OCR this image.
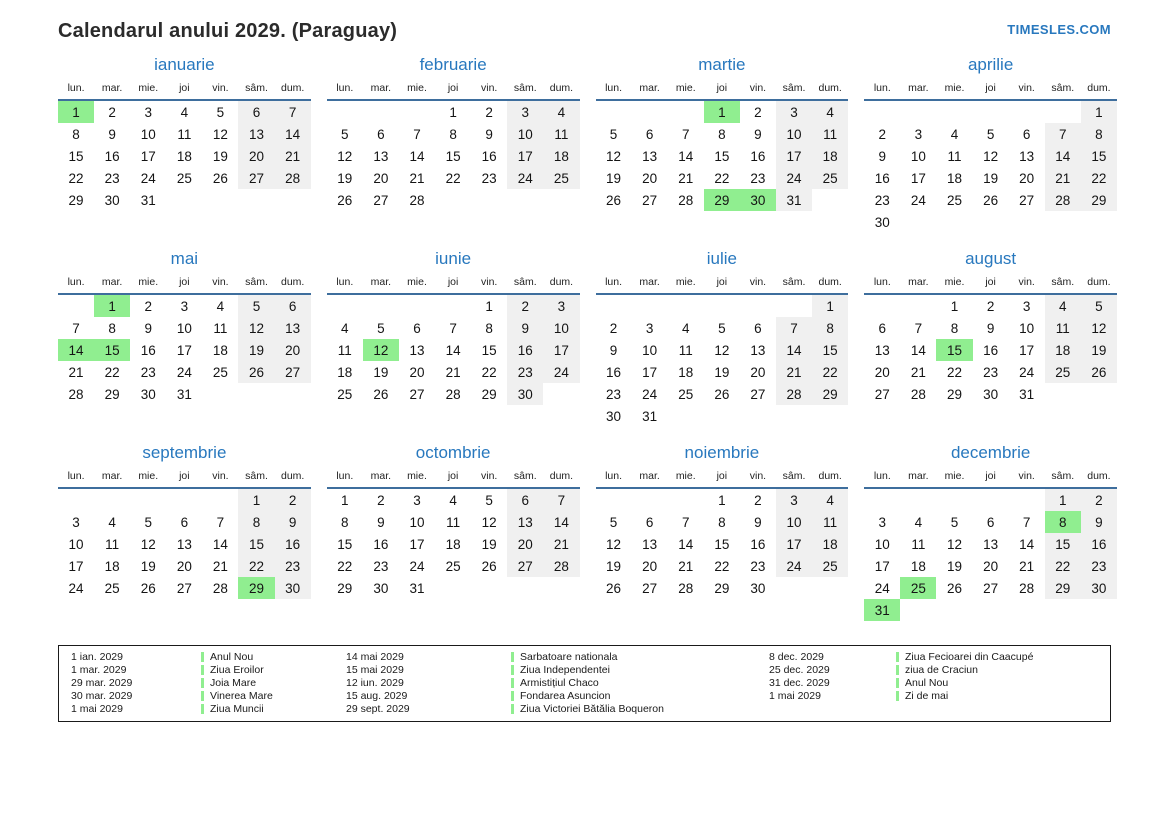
Calendarul anului 2029. (Paraguay)	TIMESLES.COM
ianuarie
lun.	mar.	mie.	joi	vin.	sâm.	dum.
1	2	3	4	5	6	7
8	9	10	11	12	13	14
15	16	17	18	19	20	21
22	23	24	25	26	27	28
29	30	31				
februarie
lun.	mar.	mie.	joi	vin.	sâm.	dum.
			1	2	3	4
5	6	7	8	9	10	11
12	13	14	15	16	17	18
19	20	21	22	23	24	25
26	27	28				
martie
lun.	mar.	mie.	joi	vin.	sâm.	dum.
			1	2	3	4
5	6	7	8	9	10	11
12	13	14	15	16	17	18
19	20	21	22	23	24	25
26	27	28	29	30	31	
aprilie
lun.	mar.	mie.	joi	vin.	sâm.	dum.
						1
2	3	4	5	6	7	8
9	10	11	12	13	14	15
16	17	18	19	20	21	22
23	24	25	26	27	28	29
30						
mai
lun.	mar.	mie.	joi	vin.	sâm.	dum.
	1	2	3	4	5	6
7	8	9	10	11	12	13
14	15	16	17	18	19	20
21	22	23	24	25	26	27
28	29	30	31			
iunie
lun.	mar.	mie.	joi	vin.	sâm.	dum.
				1	2	3
4	5	6	7	8	9	10
11	12	13	14	15	16	17
18	19	20	21	22	23	24
25	26	27	28	29	30	
iulie
lun.	mar.	mie.	joi	vin.	sâm.	dum.
						1
2	3	4	5	6	7	8
9	10	11	12	13	14	15
16	17	18	19	20	21	22
23	24	25	26	27	28	29
30	31					
august
lun.	mar.	mie.	joi	vin.	sâm.	dum.
		1	2	3	4	5
6	7	8	9	10	11	12
13	14	15	16	17	18	19
20	21	22	23	24	25	26
27	28	29	30	31		
septembrie
lun.	mar.	mie.	joi	vin.	sâm.	dum.
					1	2
3	4	5	6	7	8	9
10	11	12	13	14	15	16
17	18	19	20	21	22	23
24	25	26	27	28	29	30
octombrie
lun.	mar.	mie.	joi	vin.	sâm.	dum.
1	2	3	4	5	6	7
8	9	10	11	12	13	14
15	16	17	18	19	20	21
22	23	24	25	26	27	28
29	30	31				
noiembrie
lun.	mar.	mie.	joi	vin.	sâm.	dum.
			1	2	3	4
5	6	7	8	9	10	11
12	13	14	15	16	17	18
19	20	21	22	23	24	25
26	27	28	29	30		
decembrie
lun.	mar.	mie.	joi	vin.	sâm.	dum.
					1	2
3	4	5	6	7	8	9
10	11	12	13	14	15	16
17	18	19	20	21	22	23
24	25	26	27	28	29	30
31						
1 ian. 2029	Anul Nou
1 mar. 2029	Ziua Eroilor
29 mar. 2029	Joia Mare
30 mar. 2029	Vinerea Mare
1 mai 2029	Ziua Muncii
14 mai 2029	Sarbatoare nationala
15 mai 2029	Ziua Independentei
12 iun. 2029	Armistițiul Chaco
15 aug. 2029	Fondarea Asuncion
29 sept. 2029	Ziua Victoriei Bătălia Boqueron
8 dec. 2029	Ziua Fecioarei din Caacupé
25 dec. 2029	ziua de Craciun
31 dec. 2029	Anul Nou
1 mai 2029	Zi de mai
